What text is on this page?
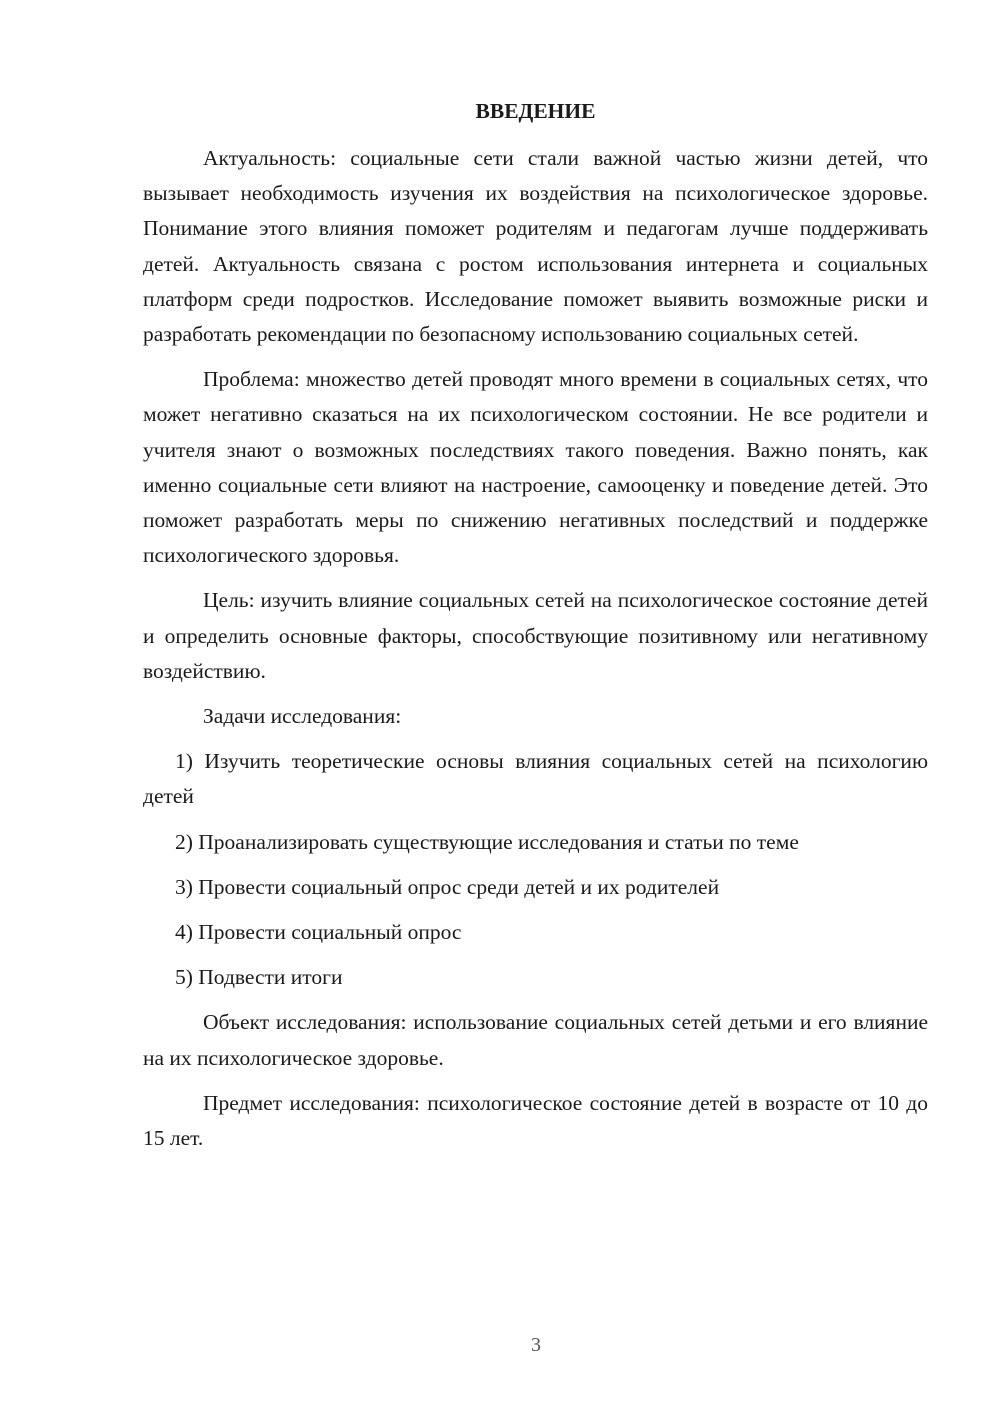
ВВЕДЕНИЕ

Актуальность: социальные сети стали важной частью жизни детей, что вызывает необходимость изучения их воздействия на психологическое здоровье. Понимание этого влияния поможет родителям и педагогам лучше поддерживать детей. Актуальность связана с ростом использования интернета и социальных платформ среди подростков. Исследование поможет выявить возможные риски и разработать рекомендации по безопасному использованию социальных сетей.

Проблема: множество детей проводят много времени в социальных сетях, что может негативно сказаться на их психологическом состоянии. Не все родители и учителя знают о возможных последствиях такого поведения. Важно понять, как именно социальные сети влияют на настроение, самооценку и поведение детей. Это поможет разработать меры по снижению негативных последствий и поддержке психологического здоровья.

Цель: изучить влияние социальных сетей на психологическое состояние детей и определить основные факторы, способствующие позитивному или негативному воздействию.

Задачи исследования:

1) Изучить теоретические основы влияния социальных сетей на психологию детей

2) Проанализировать существующие исследования и статьи по теме

3) Провести социальный опрос среди детей и их родителей

4) Провести социальный опрос

5) Подвести итоги

Объект исследования: использование социальных сетей детьми и его влияние на их психологическое здоровье.

Предмет исследования: психологическое состояние детей в возрасте от 10 до 15 лет.

3
